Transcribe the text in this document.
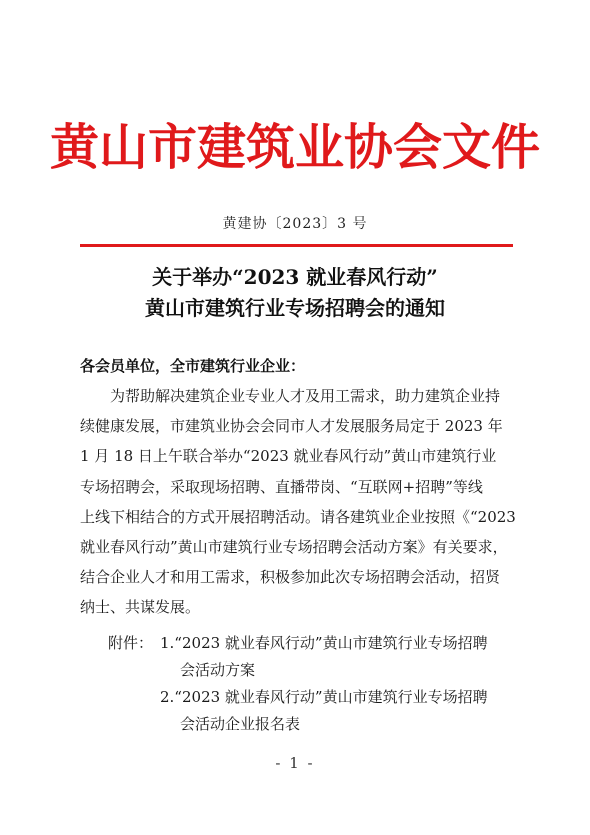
黄山市建筑业协会文件
黄建协〔2023〕3 号
关于举办“2023 就业春风行动”
黄山市建筑行业专场招聘会的通知
各会员单位，全市建筑行业企业：
为帮助解决建筑企业专业人才及用工需求，助力建筑企业持
续健康发展，市建筑业协会会同市人才发展服务局定于 2023 年
1 月 18 日上午联合举办“2023 就业春风行动”黄山市建筑行业
专场招聘会，采取现场招聘、直播带岗、“互联网+招聘”等线
上线下相结合的方式开展招聘活动。请各建筑业企业按照《“2023
就业春风行动”黄山市建筑行业专场招聘会活动方案》有关要求，
结合企业人才和用工需求，积极参加此次专场招聘会活动，招贤
纳士、共谋发展。
附件： 1.“2023 就业春风行动”黄山市建筑行业专场招聘
会活动方案
2.“2023 就业春风行动”黄山市建筑行业专场招聘
会活动企业报名表
- 1 -
